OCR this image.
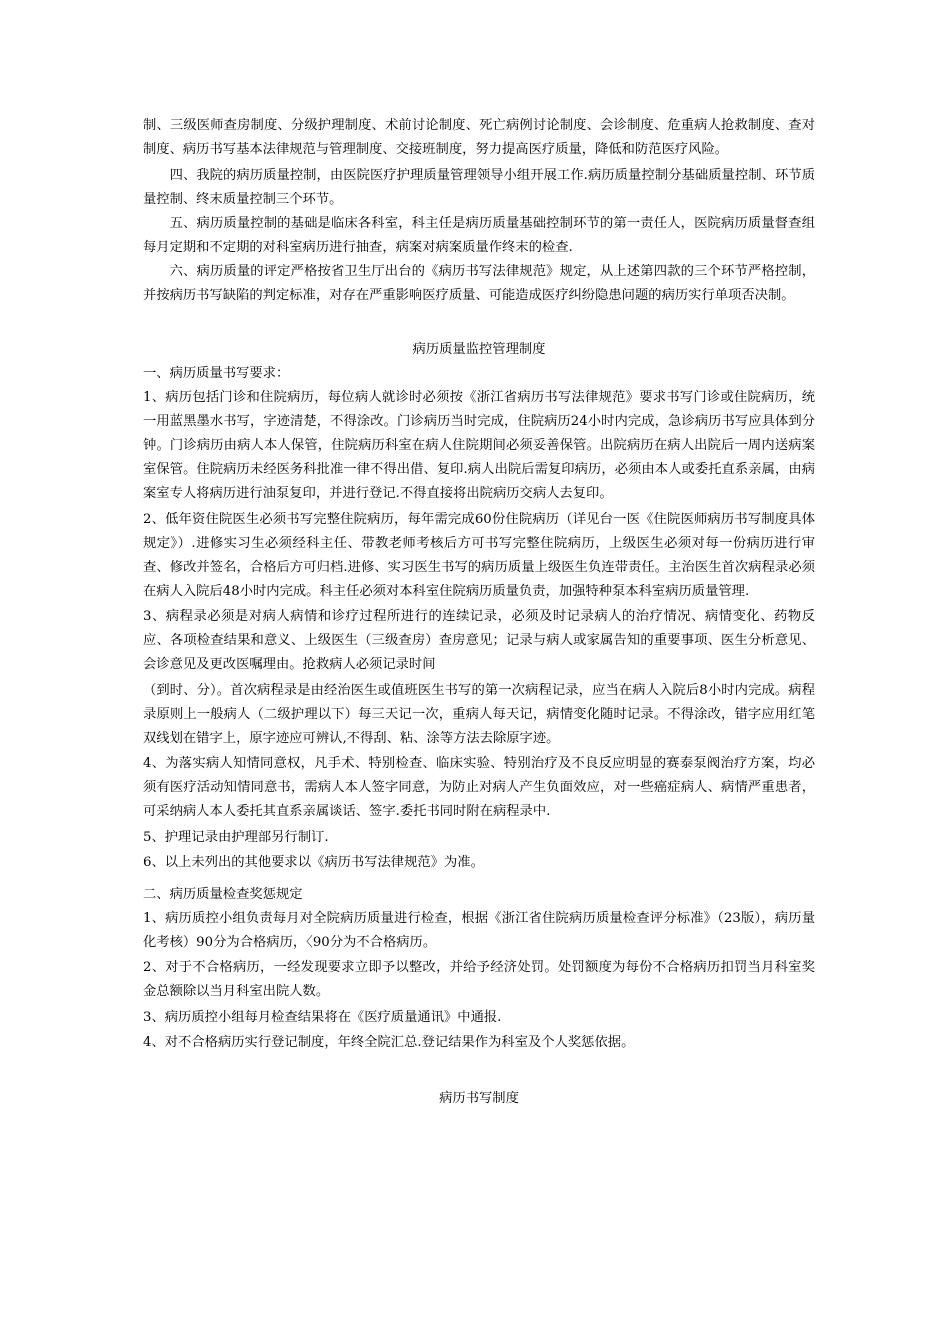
制、三级医师查房制度、分级护理制度、术前讨论制度、死亡病例讨论制度、会诊制度、危重病人抢救制度、查对制度、病历书写基本法律规范与管理制度、交接班制度，努力提高医疗质量，降低和防范医疗风险。

四、我院的病历质量控制，由医院医疗护理质量管理领导小组开展工作.病历质量控制分基础质量控制、环节质量控制、终末质量控制三个环节。

五、病历质量控制的基础是临床各科室，科主任是病历质量基础控制环节的第一责任人，医院病历质量督查组每月定期和不定期的对科室病历进行抽查，病案对病案质量作终末的检查.

六、病历质量的评定严格按省卫生厅出台的《病历书写法律规范》规定，从上述第四款的三个环节严格控制，并按病历书写缺陷的判定标准，对存在严重影响医疗质量、可能造成医疗纠纷隐患问题的病历实行单项否决制。

病历质量监控管理制度

一、病历质量书写要求：

1、病历包括门诊和住院病历，每位病人就诊时必须按《浙江省病历书写法律规范》要求书写门诊或住院病历，统一用蓝黑墨水书写，字迹清楚，不得涂改。门诊病历当时完成，住院病历24小时内完成，急诊病历书写应具体到分钟。门诊病历由病人本人保管，住院病历科室在病人住院期间必须妥善保管。出院病历在病人出院后一周内送病案室保管。住院病历未经医务科批准一律不得出借、复印.病人出院后需复印病历，必须由本人或委托直系亲属，由病案室专人将病历进行油泵复印，并进行登记.不得直接将出院病历交病人去复印。

2、低年资住院医生必须书写完整住院病历，每年需完成60份住院病历（详见台一医《住院医师病历书写制度具体规定》）.进修实习生必须经科主任、带教老师考核后方可书写完整住院病历，上级医生必须对每一份病历进行审查、修改并签名，合格后方可归档.进修、实习医生书写的病历质量上级医生负连带责任。主治医生首次病程录必须在病人入院后48小时内完成。科主任必须对本科室住院病历质量负责，加强特种泵本科室病历质量管理.

3、病程录必须是对病人病情和诊疗过程所进行的连续记录，必须及时记录病人的治疗情况、病情变化、药物反应、各项检查结果和意义、上级医生（三级查房）查房意见；记录与病人或家属告知的重要事项、医生分析意见、会诊意见及更改医嘱理由。抢救病人必须记录时间

（到时、分）。首次病程录是由经治医生或值班医生书写的第一次病程记录，应当在病人入院后8小时内完成。病程录原则上一般病人（二级护理以下）每三天记一次，重病人每天记，病情变化随时记录。不得涂改，错字应用红笔双线划在错字上，原字迹应可辨认,不得刮、粘、涂等方法去除原字迹。

4、为落实病人知情同意权，凡手术、特别检查、临床实验、特别治疗及不良反应明显的赛泰泵阀治疗方案，均必须有医疗活动知情同意书，需病人本人签字同意，为防止对病人产生负面效应，对一些癌症病人、病情严重患者，可采纳病人本人委托其直系亲属谈话、签字.委托书同时附在病程录中.

5、护理记录由护理部另行制订.

6、以上未列出的其他要求以《病历书写法律规范》为准。

二、病历质量检查奖惩规定

1、病历质控小组负责每月对全院病历质量进行检查，根据《浙江省住院病历质量检查评分标准》（23版），病历量化考核）90分为合格病历，〈90分为不合格病历。

2、对于不合格病历，一经发现要求立即予以整改，并给予经济处罚。处罚额度为每份不合格病历扣罚当月科室奖金总额除以当月科室出院人数。

3、病历质控小组每月检查结果将在《医疗质量通讯》中通报.

4、对不合格病历实行登记制度，年终全院汇总.登记结果作为科室及个人奖惩依据。

病历书写制度
